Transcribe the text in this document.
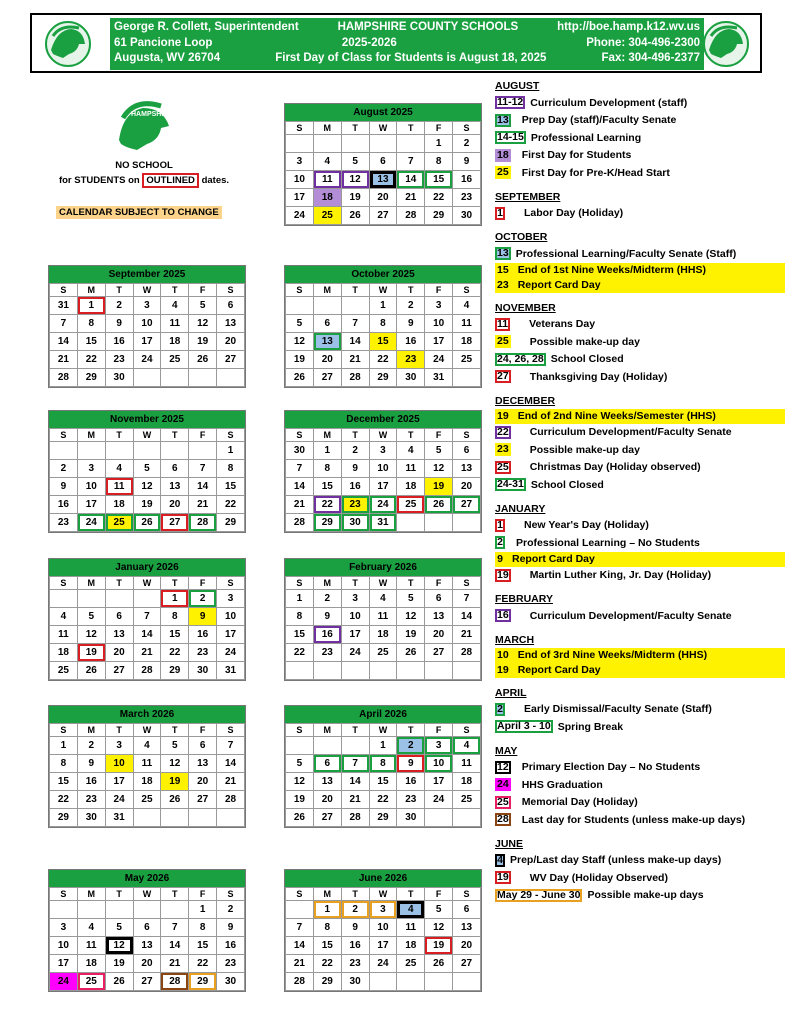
George R. Collett, Superintendent	HAMPSHIRE COUNTY SCHOOLS	http://boe.hamp.k12.wv.us
61 Pancione Loop	2025-2026	Phone: 304-496-2300
Augusta, WV 26704	First Day of Class for Students is August 18, 2025	Fax: 304-496-2377
HAMPSHIRE
NO SCHOOL
for STUDENTS on OUTLINED dates.
CALENDAR SUBJECT TO CHANGE
August 2025
S	M	T	W	T	F	S
					1	2
3	4	5	6	7	8	9
10	11	12	13	14	15	16
17	18	19	20	21	22	23
24	25	26	27	28	29	30
September 2025
S	M	T	W	T	F	S
31	1	2	3	4	5	6
7	8	9	10	11	12	13
14	15	16	17	18	19	20
21	22	23	24	25	26	27
28	29	30				
October 2025
S	M	T	W	T	F	S
			1	2	3	4
5	6	7	8	9	10	11
12	13	14	15	16	17	18
19	20	21	22	23	24	25
26	27	28	29	30	31	
November 2025
S	M	T	W	T	F	S
						1
2	3	4	5	6	7	8
9	10	11	12	13	14	15
16	17	18	19	20	21	22
23	24	25	26	27	28	29
December 2025
S	M	T	W	T	F	S
30	1	2	3	4	5	6
7	8	9	10	11	12	13
14	15	16	17	18	19	20
21	22	23	24	25	26	27
28	29	30	31			
January 2026
S	M	T	W	T	F	S
				1	2	3
4	5	6	7	8	9	10
11	12	13	14	15	16	17
18	19	20	21	22	23	24
25	26	27	28	29	30	31
February 2026
S	M	T	W	T	F	S
1	2	3	4	5	6	7
8	9	10	11	12	13	14
15	16	17	18	19	20	21
22	23	24	25	26	27	28

March 2026
S	M	T	W	T	F	S
1	2	3	4	5	6	7
8	9	10	11	12	13	14
15	16	17	18	19	20	21
22	23	24	25	26	27	28
29	30	31				
April 2026
S	M	T	W	T	F	S
			1	2	3	4
5	6	7	8	9	10	11
12	13	14	15	16	17	18
19	20	21	22	23	24	25
26	27	28	29	30		
May 2026
S	M	T	W	T	F	S
					1	2
3	4	5	6	7	8	9
10	11	12	13	14	15	16
17	18	19	20	21	22	23
24	25	26	27	28	29	30
June 2026
S	M	T	W	T	F	S
	1	2	3	4	5	6
7	8	9	10	11	12	13
14	15	16	17	18	19	20
21	22	23	24	25	26	27
28	29	30				
AUGUST
11-12 Curriculum Development (staff)
13 Prep Day (staff)/Faculty Senate
14-15 Professional Learning
18 First Day for Students
25 First Day for Pre-K/Head Start
SEPTEMBER
1 Labor Day (Holiday)
OCTOBER
13 Professional Learning/Faculty Senate (Staff)
15 End of 1st Nine Weeks/Midterm (HHS)
23 Report Card Day
NOVEMBER
11 Veterans Day
25 Possible make-up day
24, 26, 28 School Closed
27 Thanksgiving Day (Holiday)
DECEMBER
19 End of 2nd Nine Weeks/Semester (HHS)
22 Curriculum Development/Faculty Senate
23 Possible make-up day
25 Christmas Day (Holiday observed)
24-31 School Closed
JANUARY
1 New Year's Day (Holiday)
2 Professional Learning – No Students
9 Report Card Day
19 Martin Luther King, Jr. Day (Holiday)
FEBRUARY
16 Curriculum Development/Faculty Senate
MARCH
10 End of 3rd Nine Weeks/Midterm (HHS)
19 Report Card Day
APRIL
2 Early Dismissal/Faculty Senate (Staff)
April 3 - 10 Spring Break
MAY
12 Primary Election Day – No Students
24 HHS Graduation
25 Memorial Day (Holiday)
28 Last day for Students (unless make-up days)
JUNE
4 Prep/Last day Staff (unless make-up days)
19 WV Day (Holiday Observed)
May 29 - June 30 Possible make-up days
